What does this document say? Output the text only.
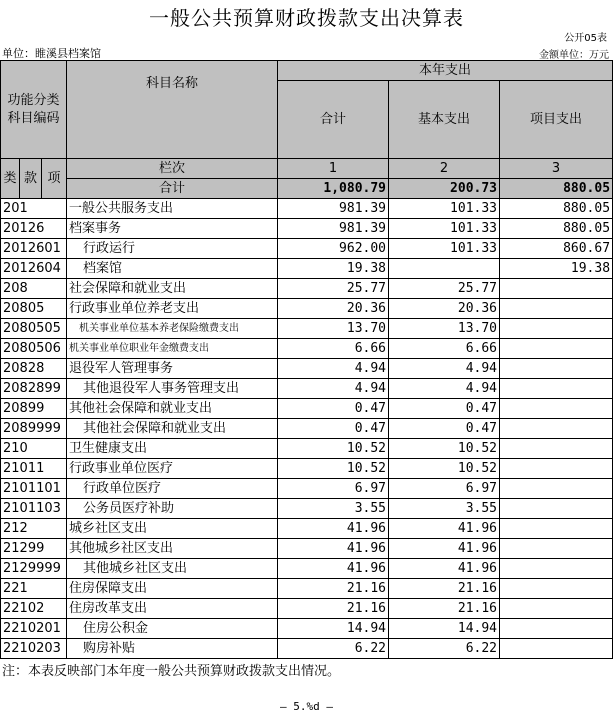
一般公共预算财政拨款支出决算表
公开05表
单位：睢溪县档案馆	金额单位：万元
功能分类
科目编码			科目名称	本年支出		
				合计	基本支出	项目支出

类	款	项	栏次	1	2	3
			合计	1,080.79	200.73	880.05
201			一般公共服务支出	981.39	101.33	880.05
20126			档案事务	981.39	101.33	880.05
2012601			行政运行	962.00	101.33	860.67
2012604			档案馆	19.38		19.38
208			社会保障和就业支出	25.77	25.77	
20805			行政事业单位养老支出	20.36	20.36	
2080505			机关事业单位基本养老保险缴费支出	13.70	13.70	
2080506			机关事业单位职业年金缴费支出	6.66	6.66	
20828			退役军人管理事务	4.94	4.94	
2082899			其他退役军人事务管理支出	4.94	4.94	
20899			其他社会保障和就业支出	0.47	0.47	
2089999			其他社会保障和就业支出	0.47	0.47	
210			卫生健康支出	10.52	10.52	
21011			行政事业单位医疗	10.52	10.52	
2101101			行政单位医疗	6.97	6.97	
2101103			公务员医疗补助	3.55	3.55	
212			城乡社区支出	41.96	41.96	
21299			其他城乡社区支出	41.96	41.96	
2129999			其他城乡社区支出	41.96	41.96	
221			住房保障支出	21.16	21.16	
22102			住房改革支出	21.16	21.16	
2210201			住房公积金	14.94	14.94	
2210203			购房补贴	6.22	6.22	
注：本表反映部门本年度一般公共预算财政拨款支出情况。
— 5.%d —
